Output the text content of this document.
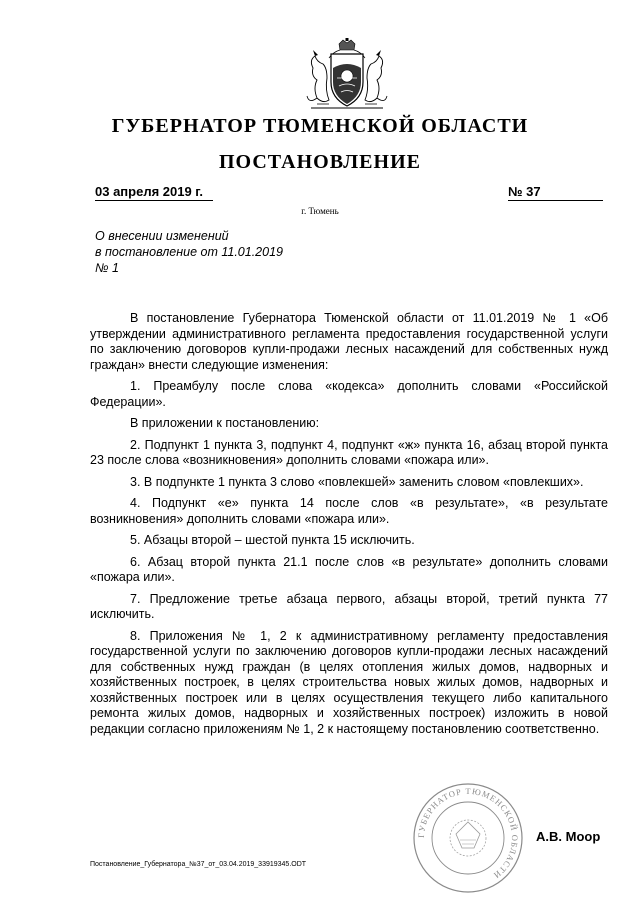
ГУБЕРНАТОР ТЮМЕНСКОЙ ОБЛАСТИ
ПОСТАНОВЛЕНИЕ
03 апреля 2019 г.	№ 37
г. Тюмень
О внесении изменений
в постановление от 11.01.2019
№ 1

В постановление Губернатора Тюменской области от 11.01.2019 № 1 «Об утверждении административного регламента предоставления государственной услуги по заключению договоров купли-продажи лесных насаждений для собственных нужд граждан» внести следующие изменения:

1. Преамбулу после слова «кодекса» дополнить словами «Российской Федерации».

В приложении к постановлению:

2. Подпункт 1 пункта 3, подпункт 4, подпункт «ж» пункта 16, абзац второй пункта 23 после слова «возникновения» дополнить словами «пожара или».

3. В подпункте 1 пункта 3 слово «повлекшей» заменить словом «повлекших».

4. Подпункт «е» пункта 14 после слов «в результате», «в результате возникновения» дополнить словами «пожара или».

5. Абзацы второй – шестой пункта 15 исключить.

6. Абзац второй пункта 21.1 после слов «в результате» дополнить словами «пожара или».

7. Предложение третье абзаца первого, абзацы второй, третий пункта 77 исключить.

8. Приложения № 1, 2 к административному регламенту предоставления государственной услуги по заключению договоров купли-продажи лесных насаждений для собственных нужд граждан (в целях отопления жилых домов, надворных и хозяйственных построек, в целях строительства новых жилых домов, надворных и хозяйственных построек или в целях осуществления текущего либо капитального ремонта жилых домов, надворных и хозяйственных построек) изложить в новой редакции согласно приложениям № 1, 2 к настоящему постановлению соответственно.

ГУБЕРНАТОР ТЮМЕНСКОЙ ОБЛАСТИ
А.В. Моор
Постановление_Губернатора_№37_от_03.04.2019_33919345.ODT
